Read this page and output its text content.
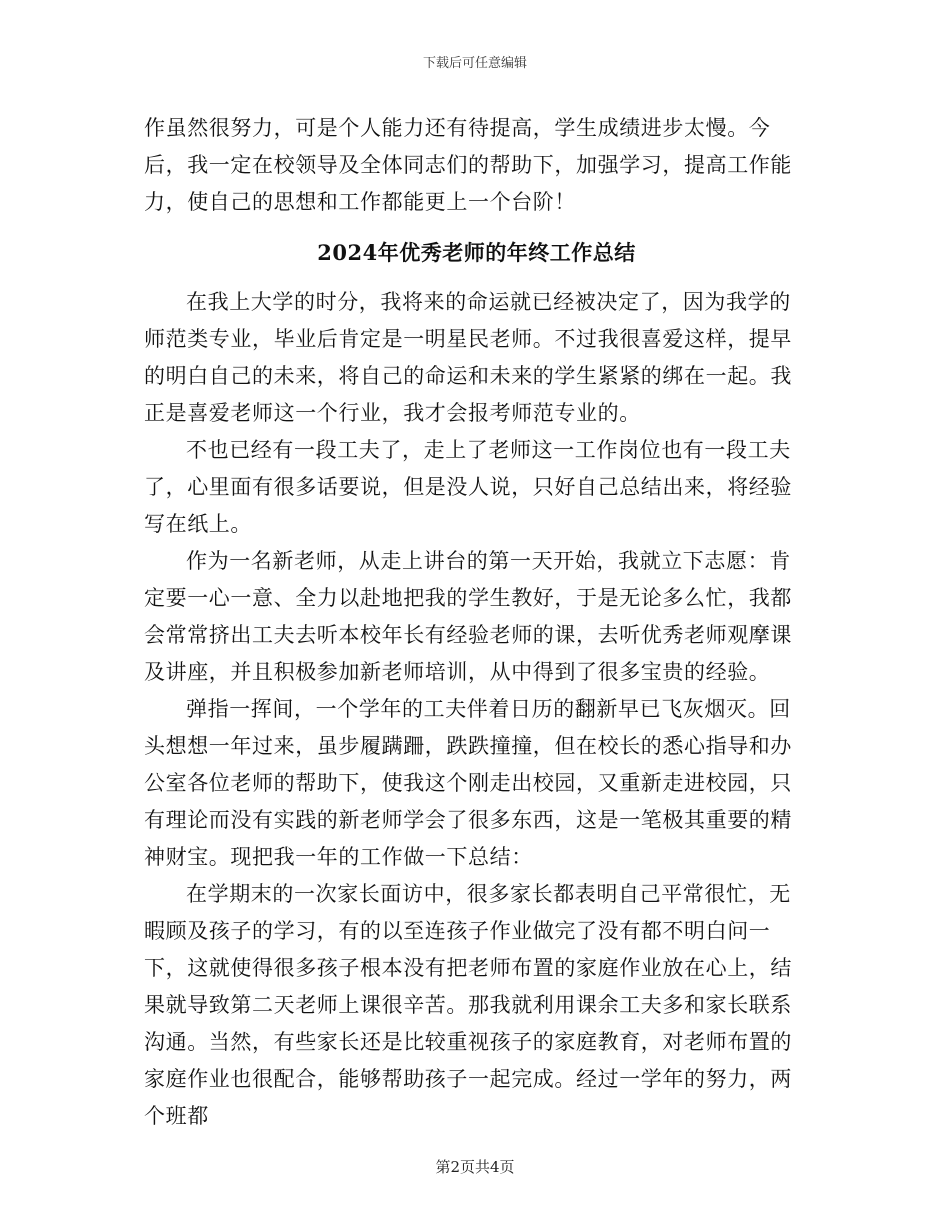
下载后可任意编辑

作虽然很努力，可是个人能力还有待提高，学生成绩进步太慢。今后，我一定在校领导及全体同志们的帮助下，加强学习，提高工作能力，使自己的思想和工作都能更上一个台阶！

2024年优秀老师的年终工作总结

在我上大学的时分，我将来的命运就已经被决定了，因为我学的师范类专业，毕业后肯定是一明星民老师。不过我很喜爱这样，提早的明白自己的未来，将自己的命运和未来的学生紧紧的绑在一起。我正是喜爱老师这一个行业，我才会报考师范专业的。

不也已经有一段工夫了，走上了老师这一工作岗位也有一段工夫了，心里面有很多话要说，但是没人说，只好自己总结出来，将经验写在纸上。

作为一名新老师，从走上讲台的第一天开始，我就立下志愿：肯定要一心一意、全力以赴地把我的学生教好，于是无论多么忙，我都会常常挤出工夫去听本校年长有经验老师的课，去听优秀老师观摩课及讲座，并且积极参加新老师培训，从中得到了很多宝贵的经验。

弹指一挥间，一个学年的工夫伴着日历的翻新早已飞灰烟灭。回头想想一年过来，虽步履蹒跚，跌跌撞撞，但在校长的悉心指导和办公室各位老师的帮助下，使我这个刚走出校园，又重新走进校园，只有理论而没有实践的新老师学会了很多东西，这是一笔极其重要的精神财宝。现把我一年的工作做一下总结：

在学期末的一次家长面访中，很多家长都表明自己平常很忙，无暇顾及孩子的学习，有的以至连孩子作业做完了没有都不明白问一下，这就使得很多孩子根本没有把老师布置的家庭作业放在心上，结果就导致第二天老师上课很辛苦。那我就利用课余工夫多和家长联系沟通。当然，有些家长还是比较重视孩子的家庭教育，对老师布置的家庭作业也很配合，能够帮助孩子一起完成。经过一学年的努力，两个班都

第2页共4页
